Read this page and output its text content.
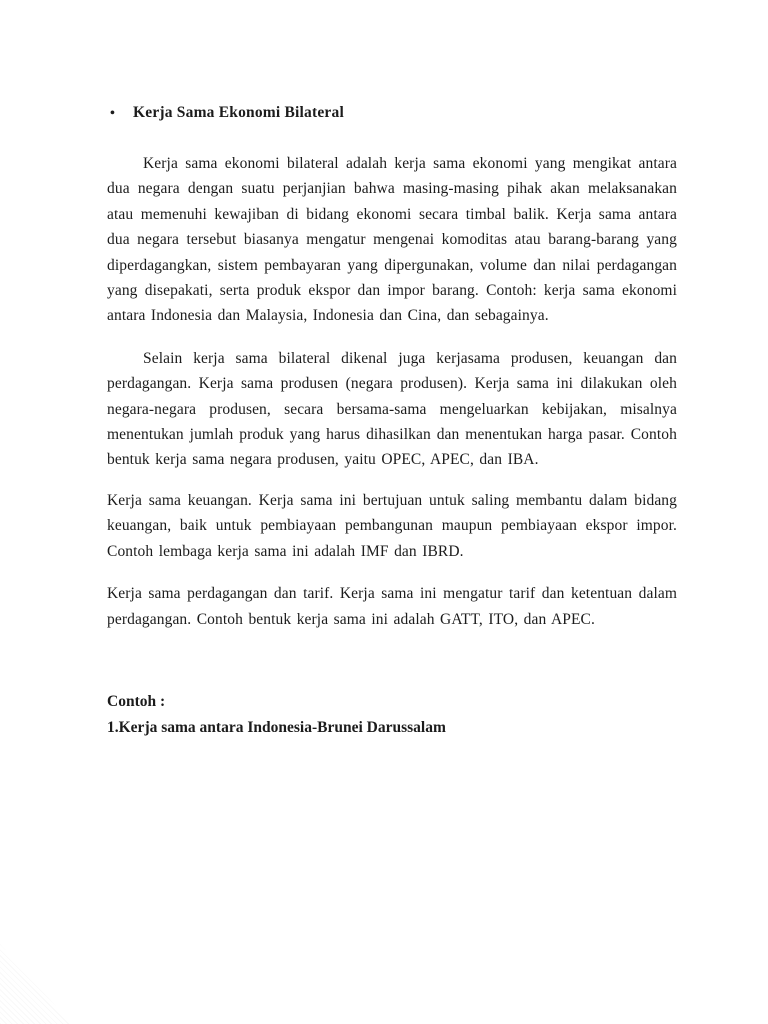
•	Kerja Sama Ekonomi Bilateral

Kerja sama ekonomi bilateral adalah kerja sama ekonomi yang mengikat antara dua negara dengan suatu perjanjian bahwa masing-masing pihak akan melaksanakan atau memenuhi kewajiban di bidang ekonomi secara timbal balik. Kerja sama antara dua negara tersebut biasanya mengatur mengenai komoditas atau barang-barang yang diperdagangkan, sistem pembayaran yang dipergunakan, volume dan nilai perdagangan yang disepakati, serta produk ekspor dan impor barang. Contoh: kerja sama ekonomi antara Indonesia dan Malaysia, Indonesia dan Cina, dan sebagainya.

Selain kerja sama bilateral dikenal juga kerjasama produsen, keuangan dan perdagangan. Kerja sama produsen (negara produsen). Kerja sama ini dilakukan oleh negara-negara produsen, secara bersama-sama mengeluarkan kebijakan, misalnya menentukan jumlah produk yang harus dihasilkan dan menentukan harga pasar. Contoh bentuk kerja sama negara produsen, yaitu OPEC, APEC, dan IBA.

Kerja sama keuangan. Kerja sama ini bertujuan untuk saling membantu dalam bidang keuangan, baik untuk pembiayaan pembangunan maupun pembiayaan ekspor impor. Contoh lembaga kerja sama ini adalah IMF dan IBRD.

Kerja sama perdagangan dan tarif. Kerja sama ini mengatur tarif dan ketentuan dalam perdagangan. Contoh bentuk kerja sama ini adalah GATT, ITO, dan APEC.

Contoh :

1.Kerja sama antara Indonesia-Brunei Darussalam
